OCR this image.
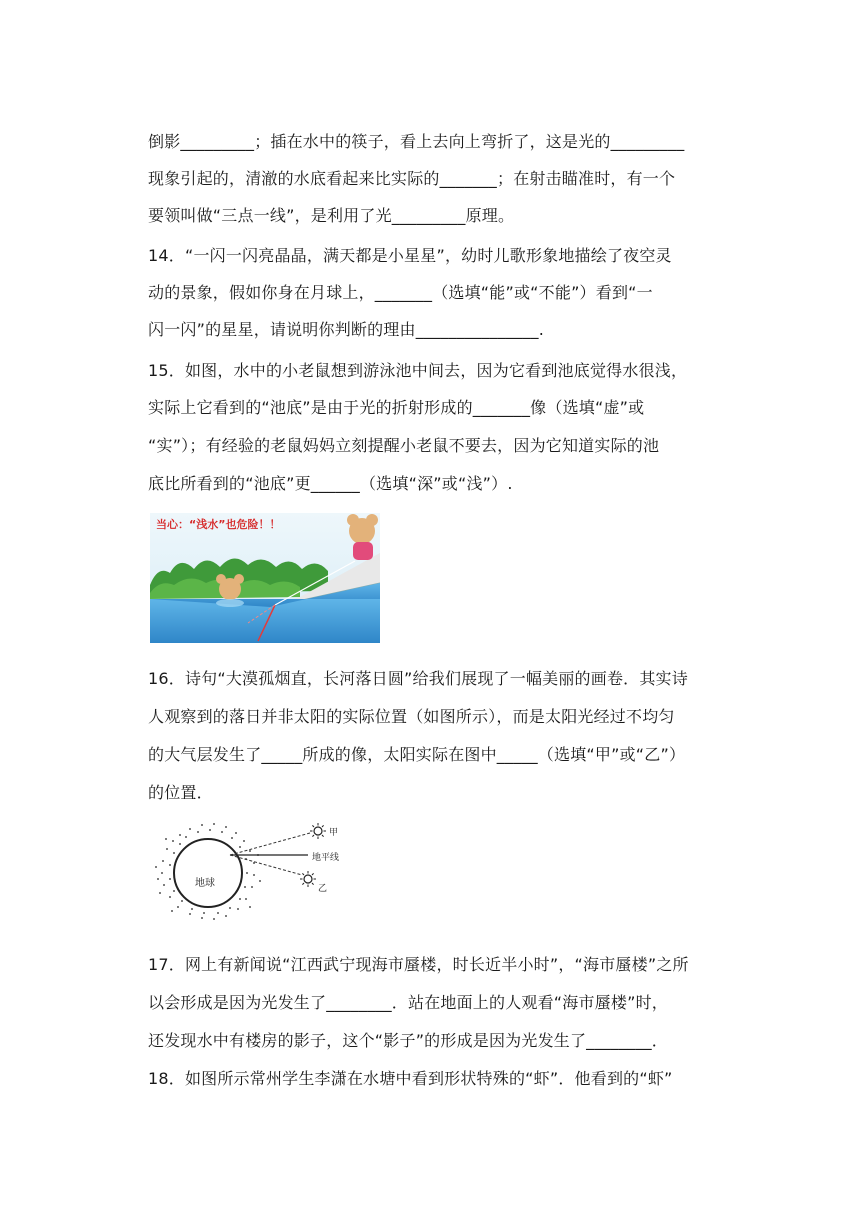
倒影_________；插在水中的筷子，看上去向上弯折了，这是光的_________
现象引起的，清澈的水底看起来比实际的_______；在射击瞄准时，有一个
要领叫做“三点一线”，是利用了光_________原理。
14．“一闪一闪亮晶晶，满天都是小星星”，幼时儿歌形象地描绘了夜空灵
动的景象，假如你身在月球上，_______（选填“能”或“不能”）看到“一
闪一闪”的星星，请说明你判断的理由_______________.
15．如图，水中的小老鼠想到游泳池中间去，因为它看到池底觉得水很浅，
实际上它看到的“池底”是由于光的折射形成的_______像（选填“虚”或
“实”）；有经验的老鼠妈妈立刻提醒小老鼠不要去，因为它知道实际的池
底比所看到的“池底”更______（选填“深”或“浅”）.
当心：“浅水”也危险！！
16．诗句“大漠孤烟直，长河落日圆”给我们展现了一幅美丽的画卷．其实诗
人观察到的落日并非太阳的实际位置（如图所示），而是太阳光经过不均匀
的大气层发生了_____所成的像，太阳实际在图中_____（选填“甲”或“乙”）
的位置．
地球
甲
地平线
乙
17．网上有新闻说“江西武宁现海市蜃楼，时长近半小时”，“海市蜃楼”之所
以会形成是因为光发生了________．站在地面上的人观看“海市蜃楼”时，
还发现水中有楼房的影子，这个“影子”的形成是因为光发生了________．
18．如图所示常州学生李潇在水塘中看到形状特殊的“虾”．他看到的“虾”
